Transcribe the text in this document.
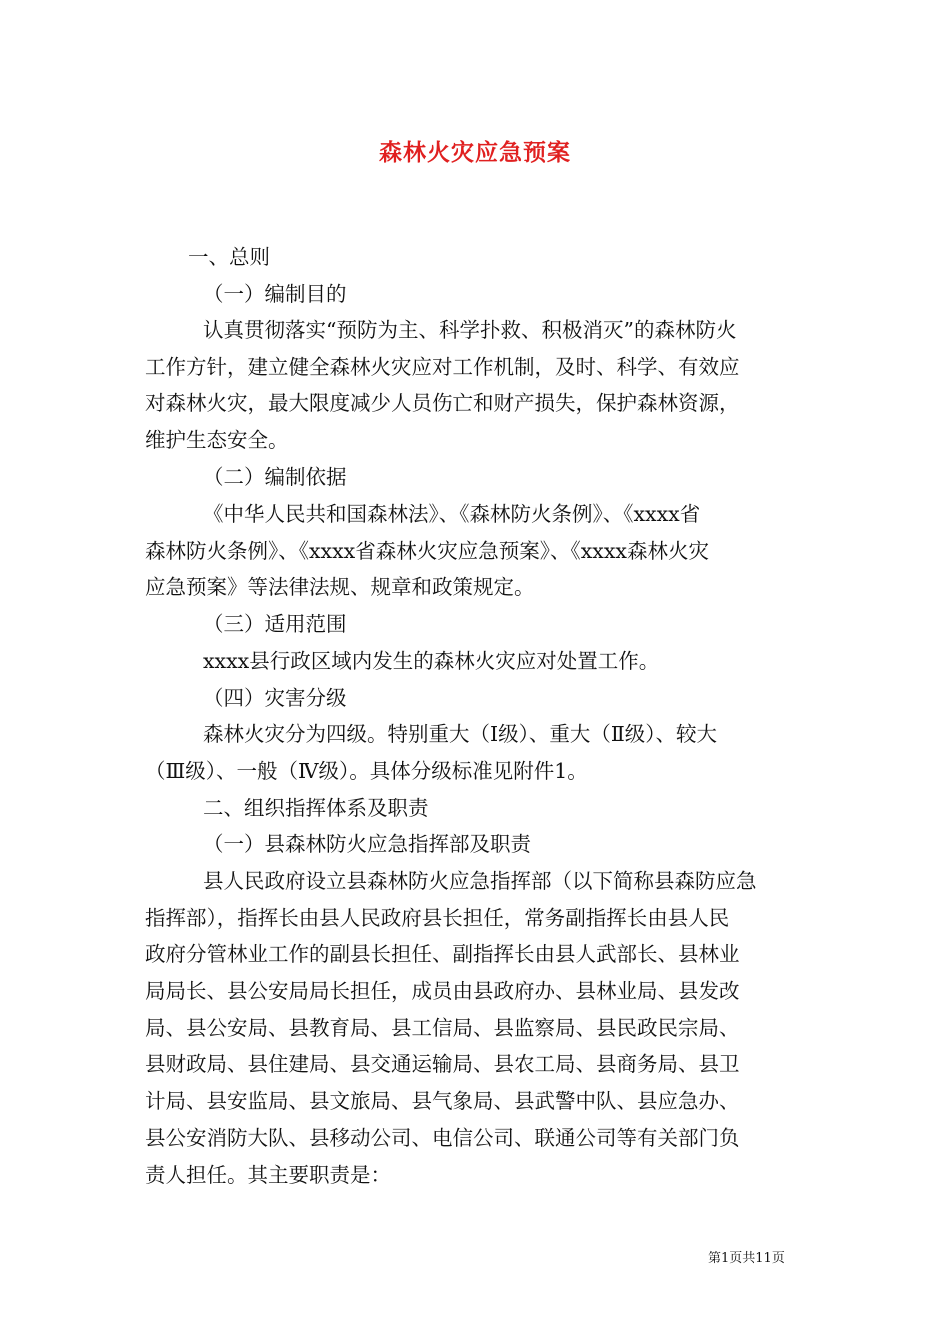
森林火灾应急预案
一、总则
（一）编制目的
认真贯彻落实“预防为主、科学扑救、积极消灭”的森林防火
工作方针，建立健全森林火灾应对工作机制，及时、科学、有效应
对森林火灾，最大限度减少人员伤亡和财产损失，保护森林资源，
维护生态安全。
（二）编制依据
《中华人民共和国森林法》、《森林防火条例》、《xxxx省
森林防火条例》、《xxxx省森林火灾应急预案》、《xxxx森林火灾
应急预案》等法律法规、规章和政策规定。
（三）适用范围
xxxx县行政区域内发生的森林火灾应对处置工作。
（四）灾害分级
森林火灾分为四级。特别重大（Ⅰ级）、重大（Ⅱ级）、较大
（Ⅲ级）、一般（Ⅳ级）。具体分级标准见附件1。
二、组织指挥体系及职责
（一）县森林防火应急指挥部及职责
县人民政府设立县森林防火应急指挥部（以下简称县森防应急
指挥部），指挥长由县人民政府县长担任，常务副指挥长由县人民
政府分管林业工作的副县长担任、副指挥长由县人武部长、县林业
局局长、县公安局局长担任，成员由县政府办、县林业局、县发改
局、县公安局、县教育局、县工信局、县监察局、县民政民宗局、
县财政局、县住建局、县交通运输局、县农工局、县商务局、县卫
计局、县安监局、县文旅局、县气象局、县武警中队、县应急办、
县公安消防大队、县移动公司、电信公司、联通公司等有关部门负
责人担任。其主要职责是：
第1页共11页
